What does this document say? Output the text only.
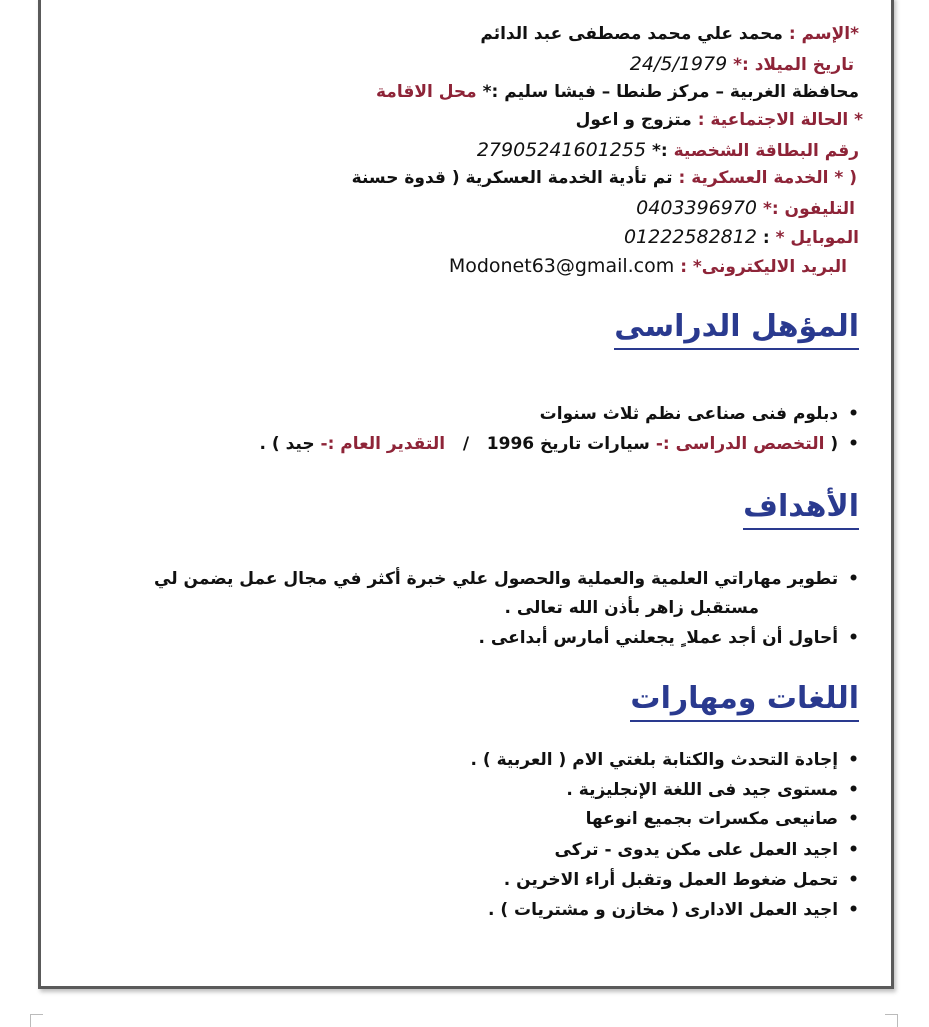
*الإسم : محمد علي محمد مصطفى عبد الدائم
تاريخ الميلاد :* 24/5/1979
محافظة الغربية – مركز طنطا – فيشا سليم :* محل الاقامة
* الحالة الاجتماعية : متزوج و اعول
رقم البطاقة الشخصية :* 27905241601255
( * الخدمة العسكرية : تم تأدية الخدمة العسكرية ( قدوة حسنة
التليفون :* 0403396970
الموبايل * : 01222582812
البريد الاليكترونى* : Modonet63@gmail.com
المؤهل الدراسى
•دبلوم فنى صناعى نظم ثلاث سنوات
•( التخصص الدراسى :- سيارات تاريخ 1996   /   التقدير العام :- جيد ) .
الأهداف
•تطوير مهاراتي العلمية والعملية والحصول علي خبرة أكثر في مجال عمل يضمن لي
مستقبل زاهر بأذن الله تعالى .
•أحاول أن أجد عملا ٍ يجعلني أمارس أبداعى .
اللغات ومهارات
•إجادة التحدث والكتابة بلغتي الام ( العربية ) .
•مستوى جيد فى اللغة الإنجليزية .
•صانيعى مكسرات بجميع انوعها
•اجيد العمل على مكن يدوى - تركى
•تحمل ضغوط العمل وتقبل أراء الاخرين .
•اجيد العمل الادارى ( مخازن و مشتريات ) .
